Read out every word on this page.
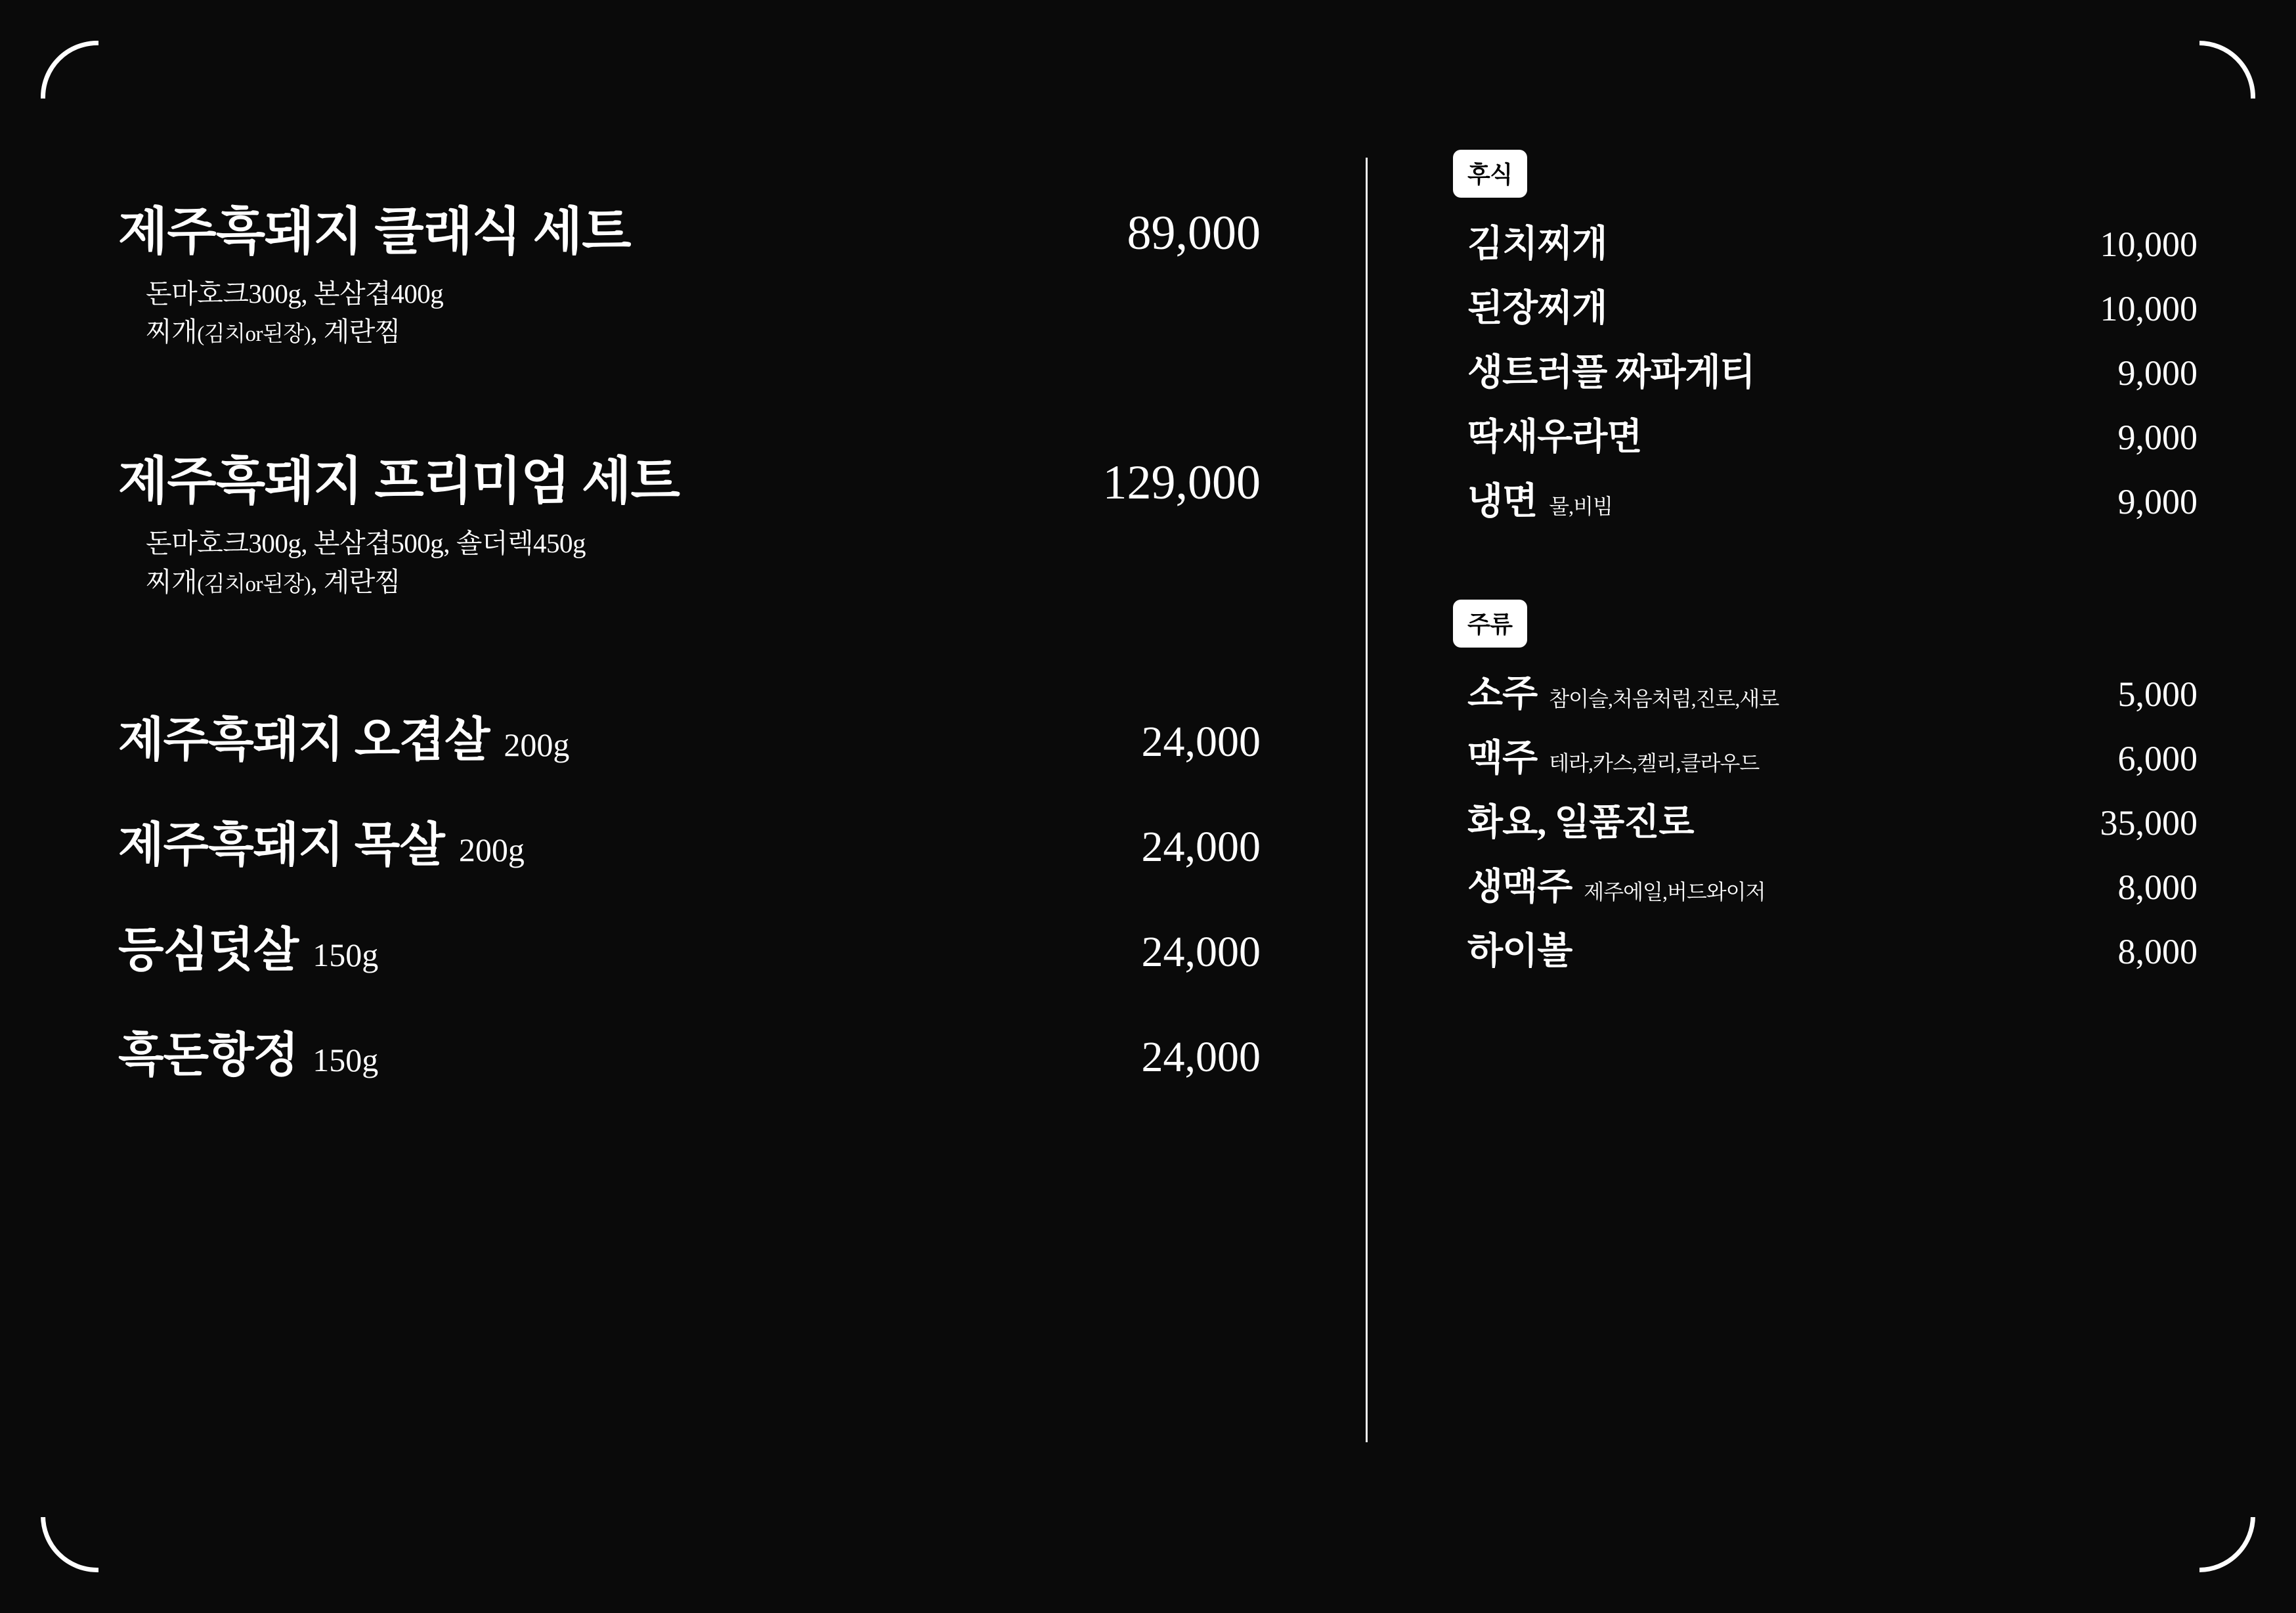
제주흑돼지 클래식 세트	89,000
돈마호크300g, 본삼겹400g
찌개(김치or된장), 계란찜
제주흑돼지 프리미엄 세트	129,000
돈마호크300g, 본삼겹500g, 숄더렉450g
찌개(김치or된장), 계란찜
제주흑돼지 오겹살 200g	24,000
제주흑돼지 목살 200g	24,000
등심덧살 150g	24,000
흑돈항정 150g	24,000
후식
김치찌개	10,000
된장찌개	10,000
생트러플 짜파게티	9,000
딱새우라면	9,000
냉면 물,비빔	9,000
주류
소주 참이슬,처음처럼,진로,새로	5,000
맥주 테라,카스,켈리,클라우드	6,000
화요, 일품진로	35,000
생맥주 제주에일,버드와이저	8,000
하이볼	8,000
